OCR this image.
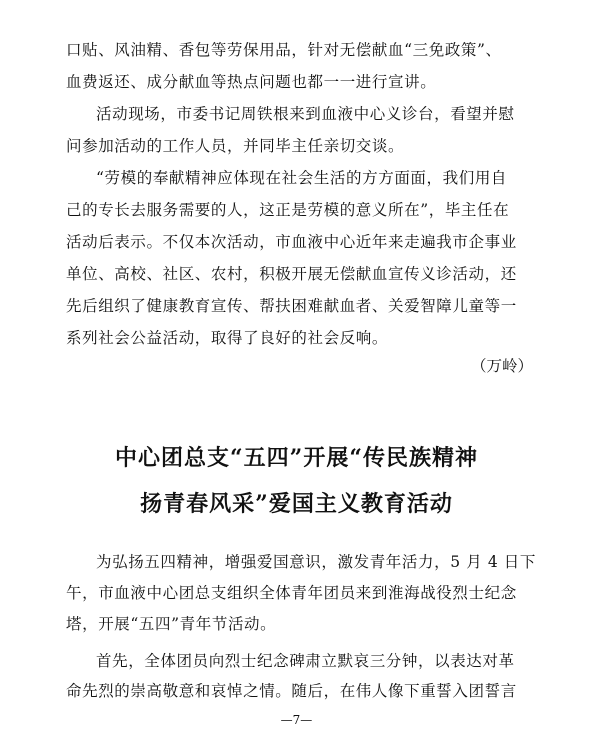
口贴、风油精、香包等劳保用品，针对无偿献血“三免政策”、
血费返还、成分献血等热点问题也都一一进行宣讲。
活动现场，市委书记周铁根来到血液中心义诊台，看望并慰
问参加活动的工作人员，并同毕主任亲切交谈。
“劳模的奉献精神应体现在社会生活的方方面面，我们用自
己的专长去服务需要的人，这正是劳模的意义所在”，毕主任在
活动后表示。不仅本次活动，市血液中心近年来走遍我市企事业
单位、高校、社区、农村，积极开展无偿献血宣传义诊活动，还
先后组织了健康教育宣传、帮扶困难献血者、关爱智障儿童等一
系列社会公益活动，取得了良好的社会反响。
（万岭）
中心团总支“五四”开展“传民族精神
扬青春风采”爱国主义教育活动
为弘扬五四精神，增强爱国意识，激发青年活力，5 月 4 日下
午，市血液中心团总支组织全体青年团员来到淮海战役烈士纪念
塔，开展“五四”青年节活动。
首先，全体团员向烈士纪念碑肃立默哀三分钟，以表达对革
命先烈的崇高敬意和哀悼之情。随后，在伟人像下重誓入团誓言
—7—
